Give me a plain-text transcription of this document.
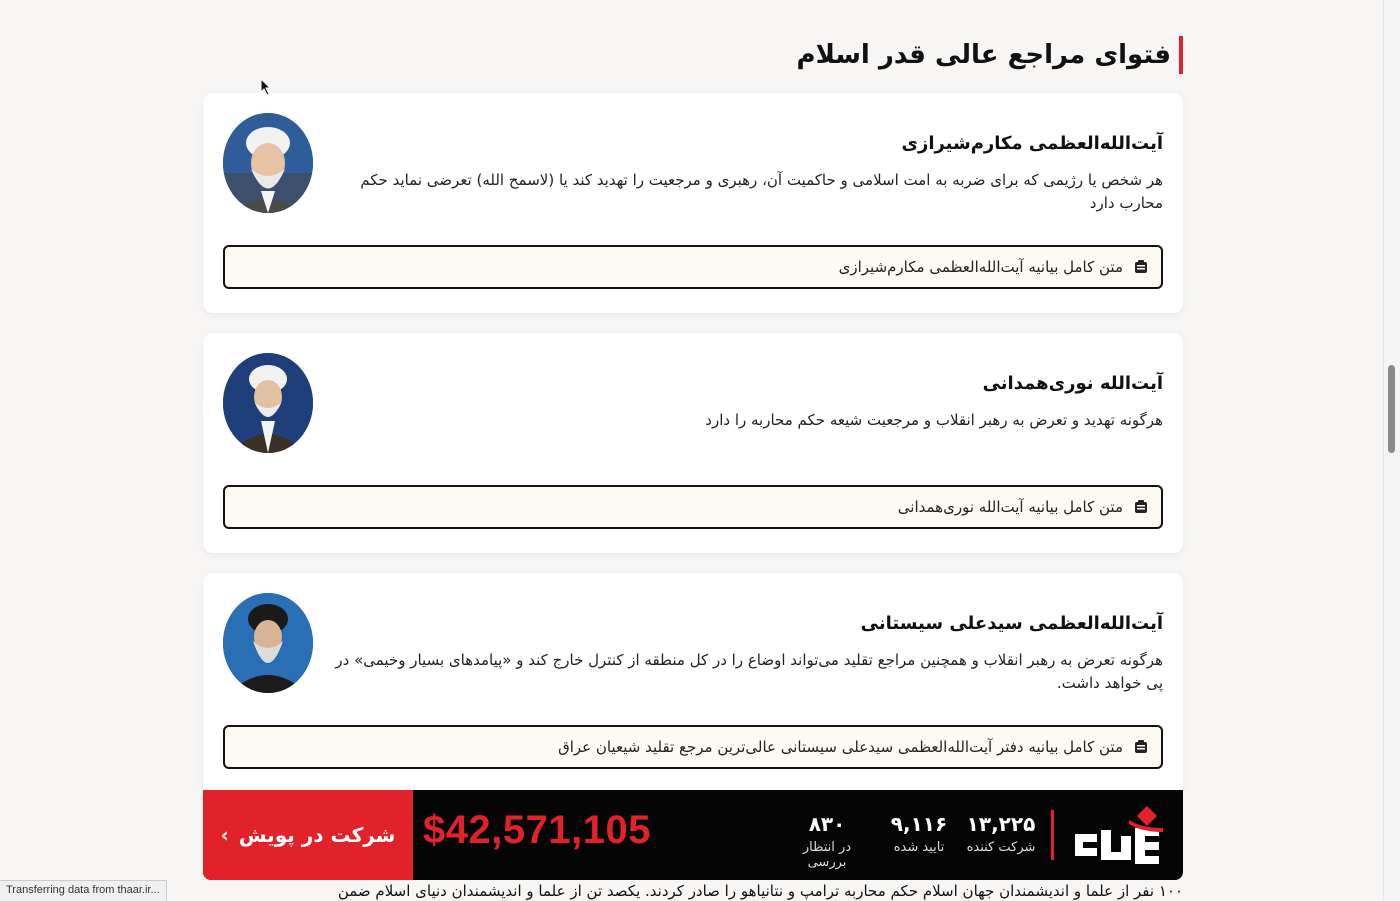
فتوای مراجع عالی قدر اسلام
آیت‌الله‌العظمی مکارم‌شیرازی
هر شخص یا رژیمی که برای ضربه به امت اسلامی و حاکمیت آن، رهبری و مرجعیت را تهدید کند یا (لاسمح الله) تعرضی نماید حکم محارب دارد
متن کامل بیانیه آیت‌الله‌العظمی مکارم‌شیرازی
آیت‌الله نوری‌همدانی
هرگونه تهدید و تعرض به رهبر انقلاب و مرجعیت شیعه حکم محاربه را دارد
متن کامل بیانیه آیت‌الله نوری‌همدانی
آیت‌الله‌العظمی سیدعلی سیستانی
هرگونه تعرض به رهبر انقلاب و همچنین مراجع تقلید می‌تواند اوضاع را در کل منطقه از کنترل خارج کند و «پیامدهای بسیار وخیمی» در پی خواهد داشت.
متن کامل بیانیه دفتر آیت‌الله‌العظمی سیدعلی سیستانی عالی‌ترین مرجع تقلید شیعیان عراق
شرکت در پویش
›	$42,571,105	۸۳۰
در انتظار بررسی
۹,۱۱۶
تایید شده
۱۳,۲۲۵
شرکت کننده
۱۰۰ نفر از علما و اندیشمندان جهان اسلام حکم محاربه ترامپ و نتانیاهو را صادر کردند. یکصد تن از علما و اندیشمندان دنیای اسلام ضمن
Transferring data from thaar.ir...
